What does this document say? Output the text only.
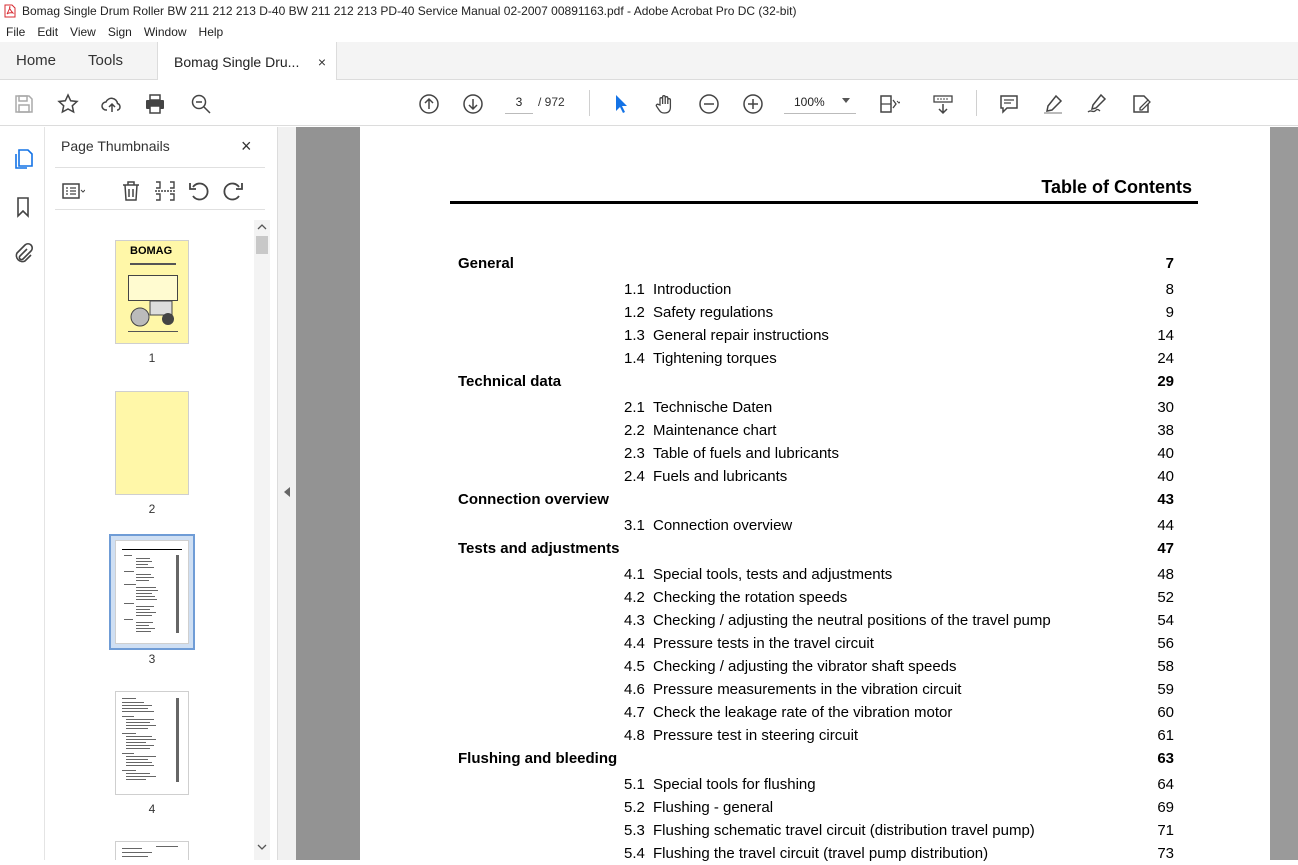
Bomag Single Drum Roller BW 211 212 213 D-40 BW 211 212 213 PD-40 Service Manual 02-2007 00891163.pdf - Adobe Acrobat Pro DC (32-bit)
File Edit View Sign Window Help
Home	Tools	Bomag Single Dru... ×
3	/ 972	100%
Page Thumbnails	×
BOMAG
1
2
3
4
Table of Contents
General	7
1.1 Introduction	8
1.2 Safety regulations	9
1.3 General repair instructions	14
1.4 Tightening torques	24
Technical data	29
2.1 Technische Daten	30
2.2 Maintenance chart	38
2.3 Table of fuels and lubricants	40
2.4 Fuels and lubricants	40
Connection overview	43
3.1 Connection overview	44
Tests and adjustments	47
4.1 Special tools, tests and adjustments	48
4.2 Checking the rotation speeds	52
4.3 Checking / adjusting the neutral positions of the travel pump	54
4.4 Pressure tests in the travel circuit	56
4.5 Checking / adjusting the vibrator shaft speeds	58
4.6 Pressure measurements in the vibration circuit	59
4.7 Check the leakage rate of the vibration motor	60
4.8 Pressure test in steering circuit	61
Flushing and bleeding	63
5.1 Special tools for flushing	64
5.2 Flushing - general	69
5.3 Flushing schematic travel circuit (distribution travel pump)	71
5.4 Flushing the travel circuit (travel pump distribution)	73
